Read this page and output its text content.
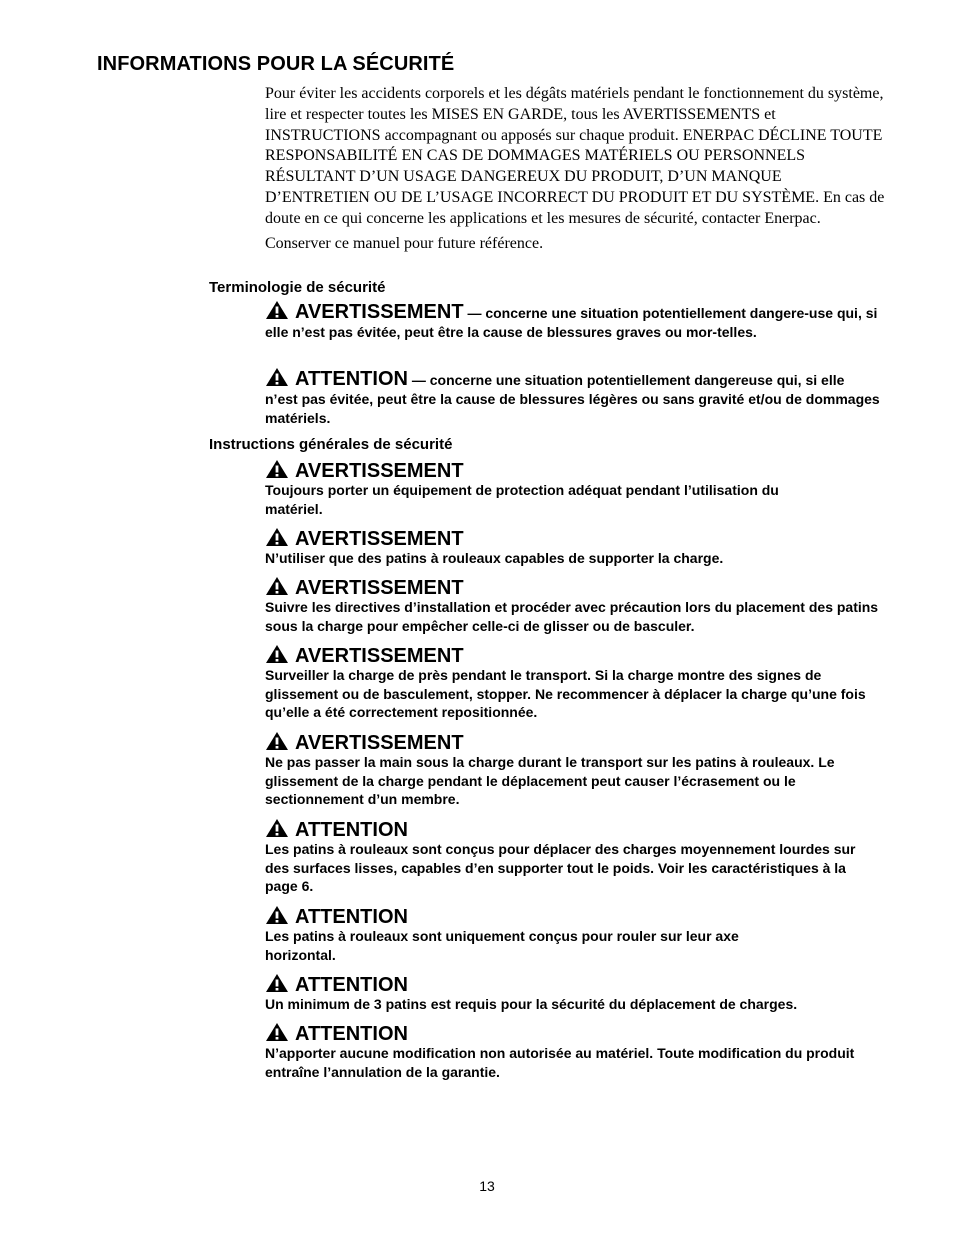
INFORMATIONS POUR LA SÉCURITÉ

Pour éviter les accidents corporels et les dégâts matériels pendant le fonctionnement du système, lire et respecter toutes les MISES EN GARDE, tous les AVERTISSEMENTS et INSTRUCTIONS accompagnant ou apposés sur chaque produit. ENERPAC DÉCLINE TOUTE RESPONSABILITÉ EN CAS DE DOMMAGES MATÉRIELS OU PERSONNELS RÉSULTANT D’UN USAGE DANGEREUX DU PRODUIT, D’UN MANQUE D’ENTRETIEN OU DE L’USAGE INCORRECT DU PRODUIT ET DU SYSTÈME. En cas de doute en ce qui concerne les applications et les mesures de sécurité, contacter Enerpac.

Conserver ce manuel pour future référence.

Terminologie de sécurité
AVERTISSEMENT — concerne une situation potentiellement dangere-use qui, si elle n’est pas évitée, peut être la cause de blessures graves ou mor-telles.
ATTENTION — concerne une situation potentiellement dangereuse qui, si elle n’est pas évitée, peut être la cause de blessures légères ou sans gravité et/ou de dommages matériels.
Instructions générales de sécurité
AVERTISSEMENT
Toujours porter un équipement de protection adéquat pendant l’utilisation du matériel.
AVERTISSEMENT
N’utiliser que des patins à rouleaux capables de supporter la charge.
AVERTISSEMENT
Suivre les directives d’installation et procéder avec précaution lors du placement des patins sous la charge pour empêcher celle-ci de glisser ou de basculer.
AVERTISSEMENT
Surveiller la charge de près pendant le transport. Si la charge montre des signes de glissement ou de basculement, stopper. Ne recommencer à déplacer la charge qu’une fois qu’elle a été correctement repositionnée.
AVERTISSEMENT
Ne pas passer la main sous la charge durant le transport sur les patins à rouleaux. Le glissement de la charge pendant le déplacement peut causer l’écrasement ou le sectionnement d’un membre.
ATTENTION
Les patins à rouleaux sont conçus pour déplacer des charges moyennement lourdes sur des surfaces lisses, capables d’en supporter tout le poids. Voir les caractéristiques à la page 6.
ATTENTION
Les patins à rouleaux sont uniquement conçus pour rouler sur leur axe horizontal.
ATTENTION
Un minimum de 3 patins est requis pour la sécurité du déplacement de charges.
ATTENTION
N’apporter aucune modification non autorisée au matériel. Toute modification du produit entraîne l’annulation de la garantie.
13
